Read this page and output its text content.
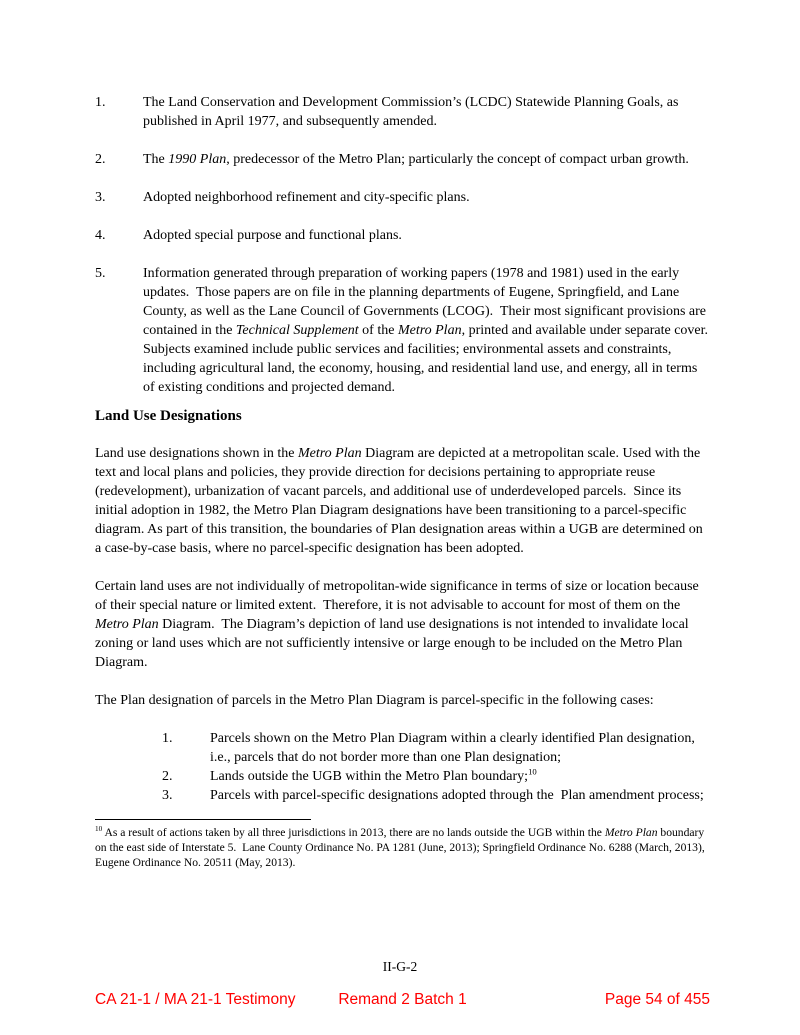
1.	The Land Conservation and Development Commission’s (LCDC) Statewide Planning Goals, as published in April 1977, and subsequently amended.
2.	The 1990 Plan, predecessor of the Metro Plan; particularly the concept of compact urban growth.
3.	Adopted neighborhood refinement and city-specific plans.
4.	Adopted special purpose and functional plans.
5.	Information generated through preparation of working papers (1978 and 1981) used in the early updates.  Those papers are on file in the planning departments of Eugene, Springfield, and Lane County, as well as the Lane Council of Governments (LCOG).  Their most significant provisions are contained in the Technical Supplement of the Metro Plan, printed and available under separate cover.  Subjects examined include public services and facilities; environmental assets and constraints, including agricultural land, the economy, housing, and residential land use, and energy, all in terms of existing conditions and projected demand.
Land Use Designations
Land use designations shown in the Metro Plan Diagram are depicted at a metropolitan scale. Used with the text and local plans and policies, they provide direction for decisions pertaining to appropriate reuse (redevelopment), urbanization of vacant parcels, and additional use of underdeveloped parcels.  Since its initial adoption in 1982, the Metro Plan Diagram designations have been transitioning to a parcel-specific diagram. As part of this transition, the boundaries of Plan designation areas within a UGB are determined on a case-by-case basis, where no parcel-specific designation has been adopted.
Certain land uses are not individually of metropolitan-wide significance in terms of size or location because of their special nature or limited extent.  Therefore, it is not advisable to account for most of them on the Metro Plan Diagram.  The Diagram’s depiction of land use designations is not intended to invalidate local zoning or land uses which are not sufficiently intensive or large enough to be included on the Metro Plan Diagram.
The Plan designation of parcels in the Metro Plan Diagram is parcel-specific in the following cases:
1.	Parcels shown on the Metro Plan Diagram within a clearly identified Plan designation, i.e., parcels that do not border more than one Plan designation;
2.	Lands outside the UGB within the Metro Plan boundary;$^{10}$
3.	Parcels with parcel-specific designations adopted through the  Plan amendment process;
$^{10}$ As a result of actions taken by all three jurisdictions in 2013, there are no lands outside the UGB within the Metro Plan boundary on the east side of Interstate 5.  Lane County Ordinance No. PA 1281 (June, 2013); Springfield Ordinance No. 6288 (March, 2013), Eugene Ordinance No. 20511 (May, 2013).
II-G-2
CA 21-1 / MA 21-1 Testimony	Remand 2 Batch 1	Page 54 of 455
